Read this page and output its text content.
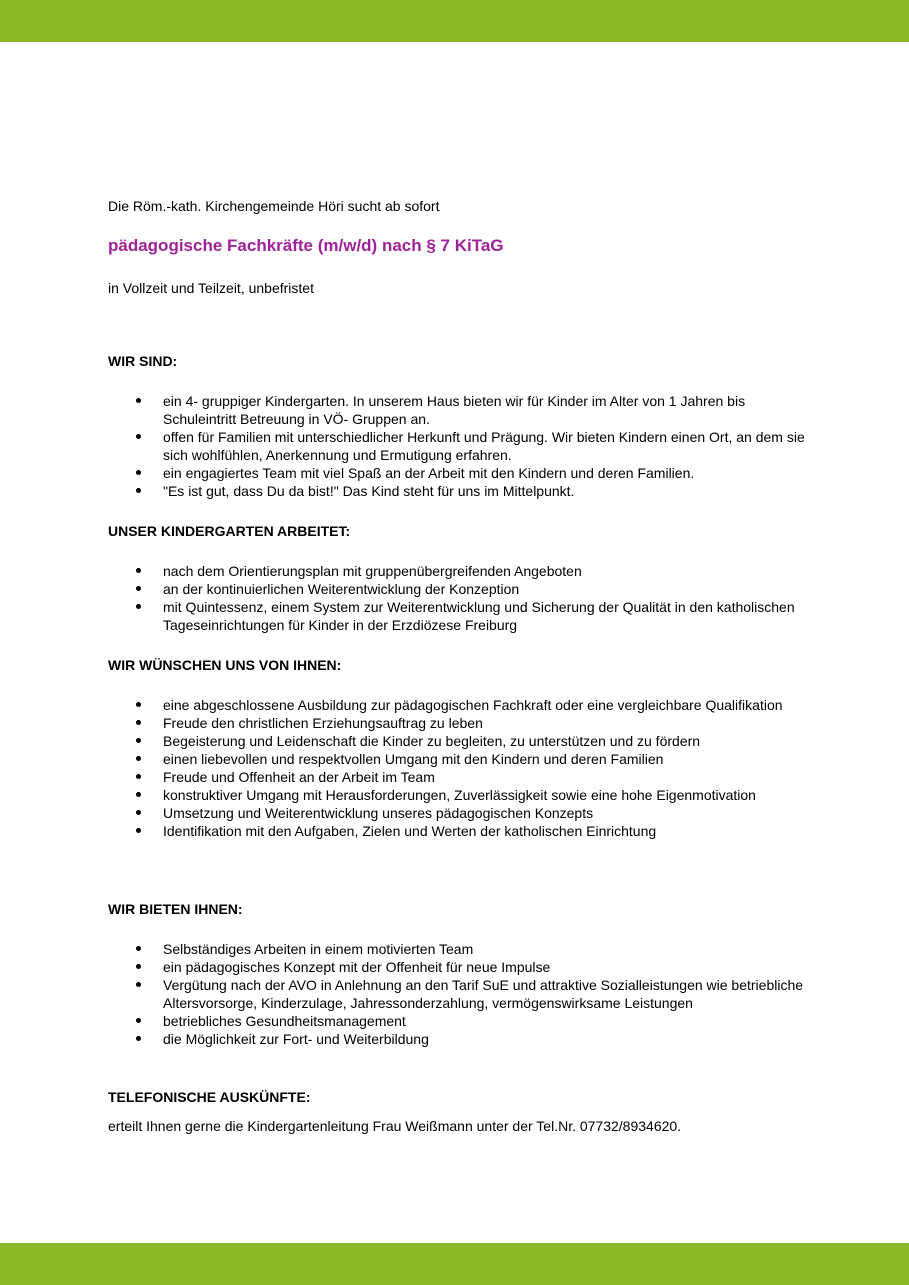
Die Röm.-kath. Kirchengemeinde Höri sucht ab sofort
pädagogische Fachkräfte (m/w/d) nach § 7 KiTaG
in Vollzeit und Teilzeit, unbefristet
WIR SIND:
ein 4- gruppiger Kindergarten. In unserem Haus bieten wir für Kinder im Alter von 1 Jahren bis Schuleintritt Betreuung in VÖ- Gruppen an.
offen für Familien mit unterschiedlicher Herkunft und Prägung. Wir bieten Kindern einen Ort, an dem sie sich wohlfühlen, Anerkennung und Ermutigung erfahren.
ein engagiertes Team mit viel Spaß an der Arbeit mit den Kindern und deren Familien.
"Es ist gut, dass Du da bist!" Das Kind steht für uns im Mittelpunkt.
UNSER KINDERGARTEN ARBEITET:
nach dem Orientierungsplan mit gruppenübergreifenden Angeboten
an der kontinuierlichen Weiterentwicklung der Konzeption
mit Quintessenz, einem System zur Weiterentwicklung und Sicherung der Qualität in den katholischen Tageseinrichtungen für Kinder in der Erzdiözese Freiburg
WIR WÜNSCHEN UNS VON IHNEN:
eine abgeschlossene Ausbildung zur pädagogischen Fachkraft oder eine vergleichbare Qualifikation
Freude den christlichen Erziehungsauftrag zu leben
Begeisterung und Leidenschaft die Kinder zu begleiten, zu unterstützen und zu fördern
einen liebevollen und respektvollen Umgang mit den Kindern und deren Familien
Freude und Offenheit an der Arbeit im Team
konstruktiver Umgang mit Herausforderungen, Zuverlässigkeit sowie eine hohe Eigenmotivation
Umsetzung und Weiterentwicklung unseres pädagogischen Konzepts
Identifikation mit den Aufgaben, Zielen und Werten der katholischen Einrichtung
WIR BIETEN IHNEN:
Selbständiges Arbeiten in einem motivierten Team
ein pädagogisches Konzept mit der Offenheit für neue Impulse
Vergütung nach der AVO in Anlehnung an den Tarif SuE und attraktive Sozialleistungen wie betriebliche Altersvorsorge, Kinderzulage, Jahressonderzahlung, vermögenswirksame Leistungen
betriebliches Gesundheitsmanagement
die Möglichkeit zur Fort- und Weiterbildung
TELEFONISCHE AUSKÜNFTE:
erteilt Ihnen gerne die Kindergartenleitung Frau Weißmann unter der Tel.Nr. 07732/8934620.
